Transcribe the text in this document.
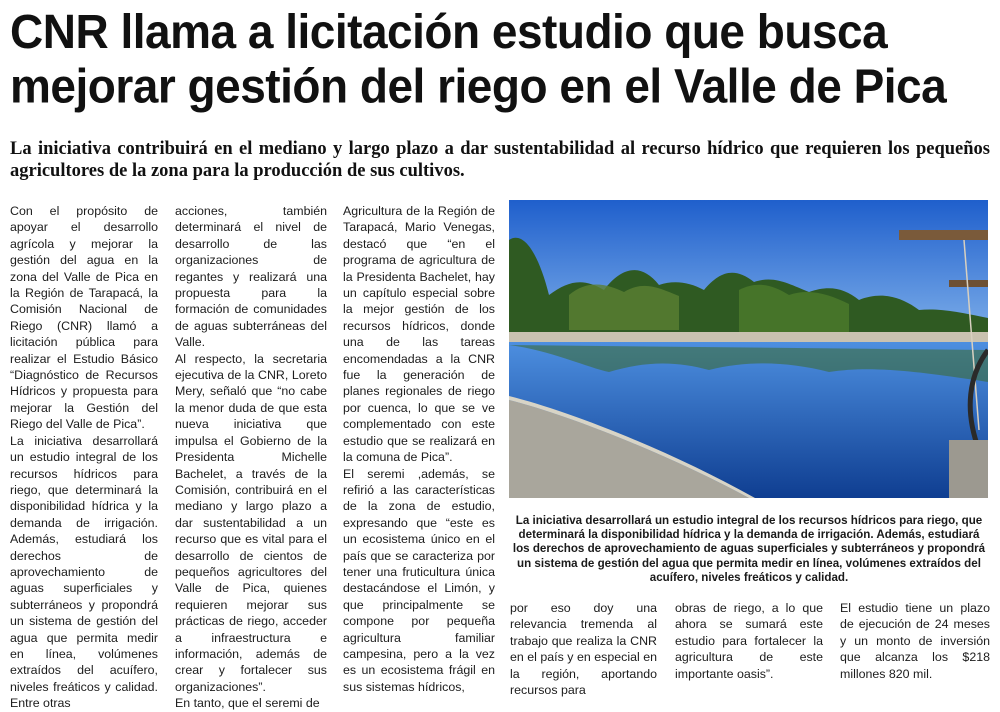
CNR llama a licitación estudio que busca
mejorar gestión del riego en el Valle de Pica

La iniciativa contribuirá en el mediano y largo plazo a dar sustentabilidad al recurso hídrico que requieren los pequeños agricultores de la zona para la producción de sus cultivos.

Con el propósito de apoyar el desarrollo agrícola y mejorar la gestión del agua en la zona del Valle de Pica en la Región de Tarapacá, la Comisión Nacional de Riego (CNR) llamó a licitación pública para realizar el Estudio Básico “Diagnóstico de Recursos Hídricos y propuesta para mejorar la Gestión del Riego del Valle de Pica”.

La iniciativa desarrollará un estudio integral de los recursos hídricos para riego, que determinará la disponibilidad hídrica y la demanda de irrigación. Además, estudiará los derechos de aprovechamiento de aguas superficiales y subterráneos y propondrá un sistema de gestión del agua que permita medir en línea, volúmenes extraídos del acuífero, niveles freáticos y calidad. Entre otras

acciones, también determinará el nivel de desarrollo de las organizaciones de regantes y realizará una propuesta para la formación de comunidades de aguas subterráneas del Valle.

Al respecto, la secretaria ejecutiva de la CNR, Loreto Mery, señaló que “no cabe la menor duda de que esta nueva iniciativa que impulsa el Gobierno de la Presidenta Michelle Bachelet, a través de la Comisión, contribuirá en el mediano y largo plazo a dar sustentabilidad a un recurso que es vital para el desarrollo de cientos de pequeños agricultores del Valle de Pica, quienes requieren mejorar sus prácticas de riego, acceder a infraestructura e información, además de crear y fortalecer sus organizaciones”.

En tanto, que el seremi de

Agricultura de la Región de Tarapacá, Mario Venegas, destacó que “en el programa de agricultura de la Presidenta Bachelet, hay un capítulo especial sobre la mejor gestión de los recursos hídricos, donde una de las tareas encomendadas a la CNR fue la generación de planes regionales de riego por cuenca, lo que se ve complementado con este estudio que se realizará en la comuna de Pica”.

El seremi ,además, se refirió a las características de la zona de estudio, expresando que “este es un ecosistema único en el país que se caracteriza por tener una fruticultura única destacándose el Limón, y que principalmente se compone por pequeña agricultura familiar campesina, pero a la vez es un ecosistema frágil en sus sistemas hídricos,

La iniciativa desarrollará un estudio integral de los recursos hídricos para riego, que determinará la disponibilidad hídrica y la demanda de irrigación. Además, estudiará los derechos de aprovechamiento de aguas superficiales y subterráneos y propondrá un sistema de gestión del agua que permita medir en línea, volúmenes extraídos del acuífero, niveles freáticos y calidad.

por eso doy una relevancia tremenda al trabajo que realiza la CNR en el país y en especial en la región, aportando recursos para

obras de riego, a lo que ahora se sumará este estudio para fortalecer la agricultura de este importante oasis”.

El estudio tiene un plazo de ejecución de 24 meses y un monto de inversión que alcanza los $218 millones 820 mil.
